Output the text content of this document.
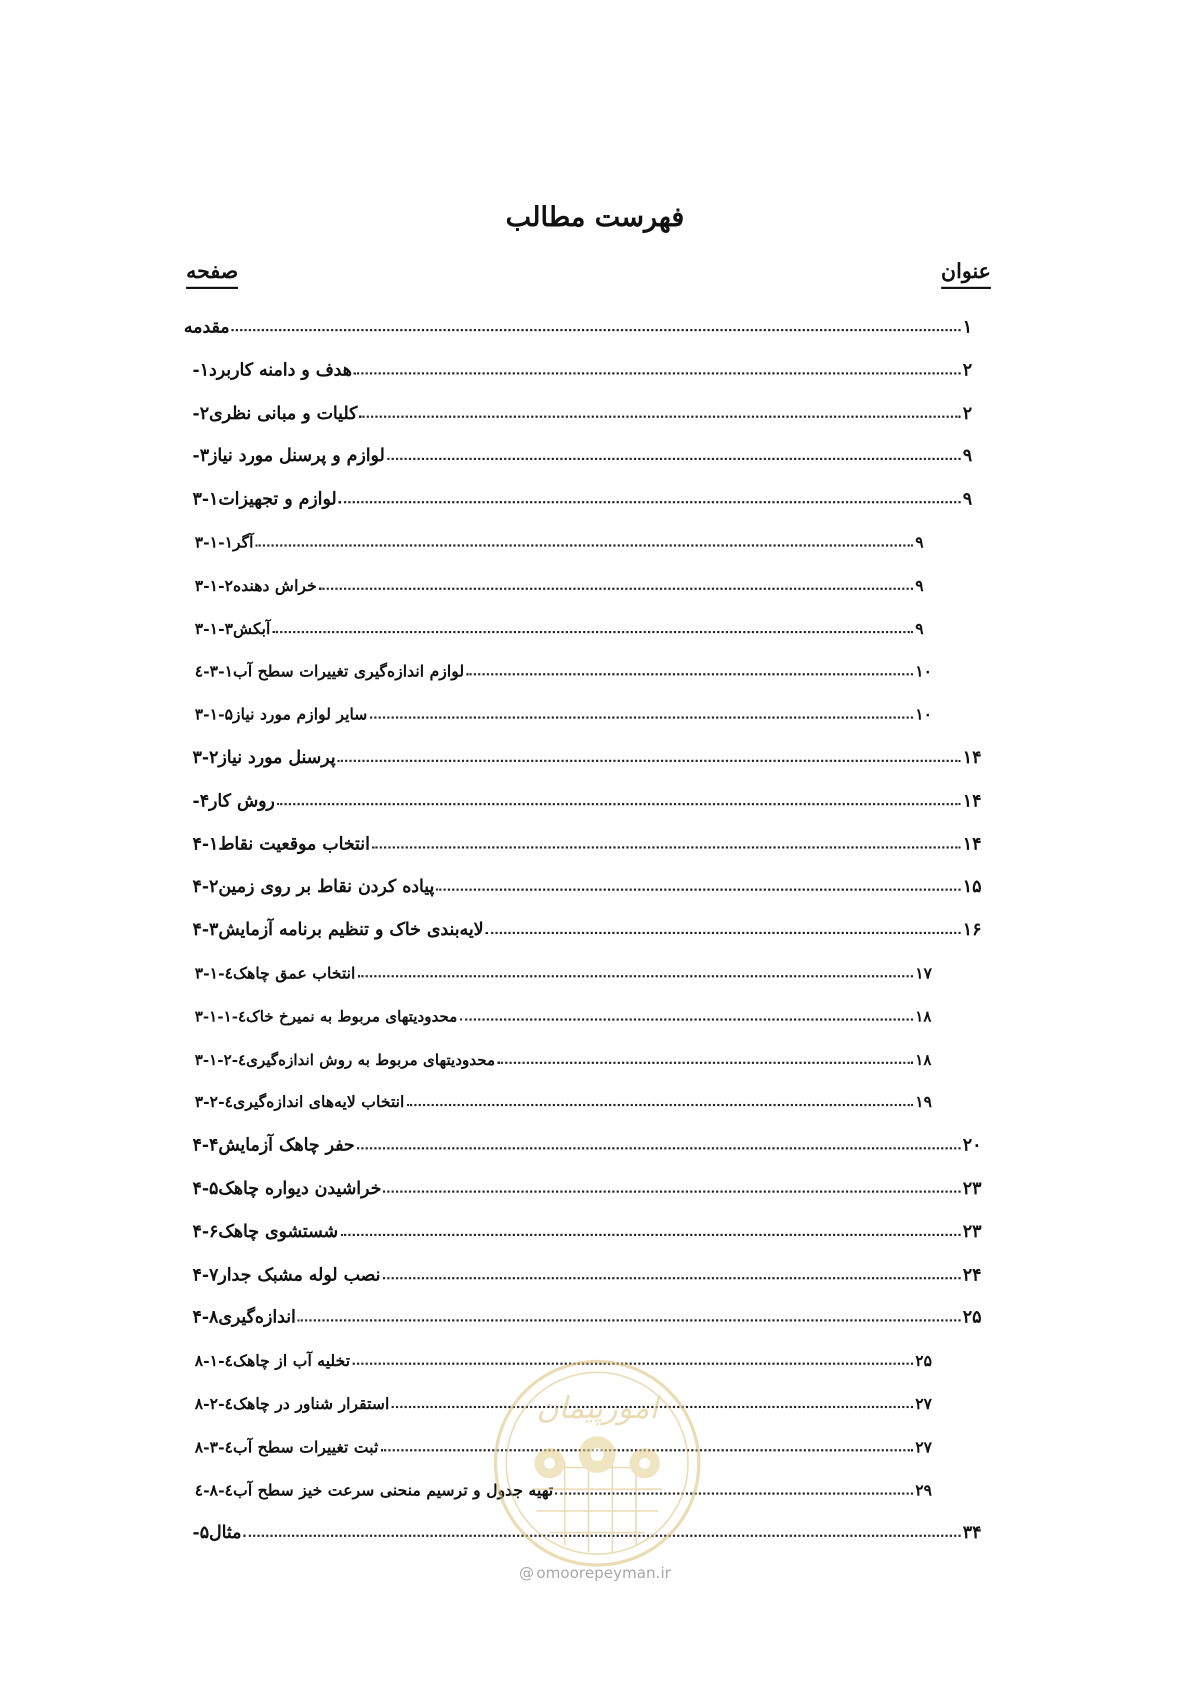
فهرست مطالب
عنوان
صفحه
مقدمه	۱
۱- هدف و دامنه کاربرد	۲
۲- کلیات و مبانی نظری	۲
۳- لوازم و پرسنل مورد نیاز	۹
۳-۱ لوازم و تجهیزات	۹
۳-۱-۱ آگر	۹
۳-۱-۲ خراش دهنده	۹
۳-۱-۳ آبکش	۹
۳-۱-٤ لوازم اندازه‌گیری تغییرات سطح آب	۱۰
۳-۱-۵ سایر لوازم مورد نیاز	۱۰
۳-۲ پرسنل مورد نیاز	۱۴
۴- روش کار	۱۴
۴-۱ انتخاب موقعیت نقاط	۱۴
۴-۲ پیاده کردن نقاط بر روی زمین	۱۵
۴-۳ لایه‌بندی خاک و تنظیم برنامه آزمایش	۱۶
٤-۳-۱ انتخاب عمق چاهک	۱۷
٤-۳-۱-۱ محدودیتهای مربوط به نمیرخ خاک	۱۸
٤-۳-۱-۲ محدودیتهای مربوط به روش اندازه‌گیری	۱۸
٤-۳-۲ انتخاب لایه‌های اندازه‌گیری	۱۹
۴-۴ حفر چاهک آزمایش	۲۰
۴-۵ خراشیدن دیواره چاهک	۲۳
۴-۶ شستشوی چاهک	۲۳
۴-۷ نصب لوله مشبک جدار	۲۴
۴-۸ اندازه‌گیری	۲۵
٤-۸-۱ تخلیه آب از چاهک	۲۵
٤-۸-۲ استقرار شناور در چاهک	۲۷
٤-۸-۳ ثبت تغییرات سطح آب	۲۷
٤-۸-٤ تهیه جدول و ترسیم منحنی سرعت خیز سطح آب	۲۹
۵- مثال	۳۴
امورپیمان
@ omoorepeyman.ir
